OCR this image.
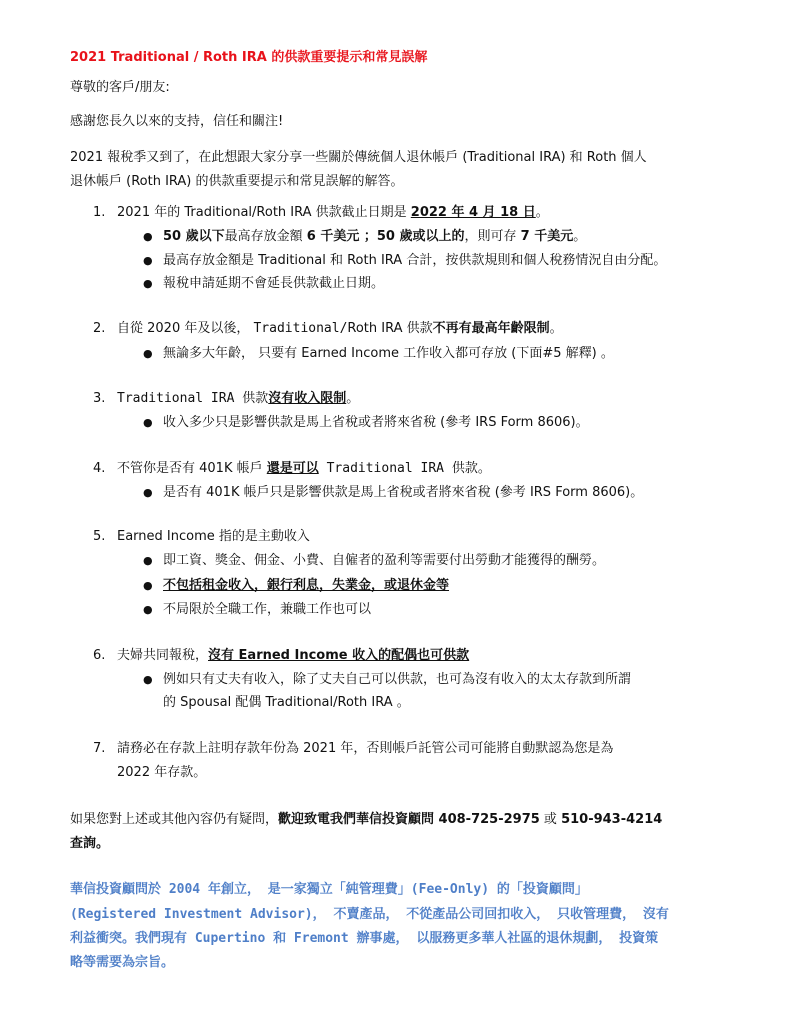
2021 Traditional / Roth IRA 的供款重要提示和常見誤解
尊敬的客戶/朋友:
感謝您長久以來的支持，信任和關注!
2021 報稅季又到了，在此想跟大家分享一些關於傳統個人退休帳戶 (Traditional IRA) 和 Roth 個人
退休帳戶 (Roth IRA) 的供款重要提示和常見誤解的解答。
1. 2021 年的 Traditional/Roth IRA 供款截止日期是 2022 年 4 月 18 日。
● 50 歲以下最高存放金額 6 千美元 ；50 歲或以上的，則可存 7 千美元。
● 最高存放金額是 Traditional 和 Roth IRA 合計，按供款規則和個人稅務情況自由分配。
● 報稅申請延期不會延長供款截止日期。
2. 自從 2020 年及以後， Traditional/Roth IRA 供款不再有最高年齡限制。
● 無論多大年齡， 只要有 Earned Income 工作收入都可存放 (下面#5 解釋) 。
3. Traditional IRA 供款沒有收入限制。
● 收入多少只是影響供款是馬上省稅或者將來省稅 (參考 IRS Form 8606)。
4. 不管你是否有 401K 帳戶 還是可以 Traditional IRA 供款。
● 是否有 401K 帳戶只是影響供款是馬上省稅或者將來省稅 (參考 IRS Form 8606)。
5. Earned Income 指的是主動收入
● 即工資、獎金、佣金、小費、自僱者的盈利等需要付出勞動才能獲得的酬勞。
● 不包括租金收入，銀行利息，失業金，或退休金等
● 不局限於全職工作，兼職工作也可以
6. 夫婦共同報稅，沒有 Earned Income 收入的配偶也可供款
● 例如只有丈夫有收入，除了丈夫自己可以供款，也可為沒有收入的太太存款到所謂
的 Spousal 配偶 Traditional/Roth IRA 。
7. 請務必在存款上註明存款年份為 2021 年，否則帳戶託管公司可能將自動默認為您是為
2022 年存款。
如果您對上述或其他內容仍有疑問，歡迎致電我們華信投資顧問 408-725-2975 或 510-943-4214
查詢。
華信投資顧問於 2004 年創立， 是一家獨立「純管理費」(Fee-Only) 的「投資顧問」
(Registered Investment Advisor)， 不賣產品， 不從產品公司回扣收入， 只收管理費， 沒有
利益衝突。我們現有 Cupertino 和 Fremont 辦事處， 以服務更多華人社區的退休規劃， 投資策
略等需要為宗旨。
